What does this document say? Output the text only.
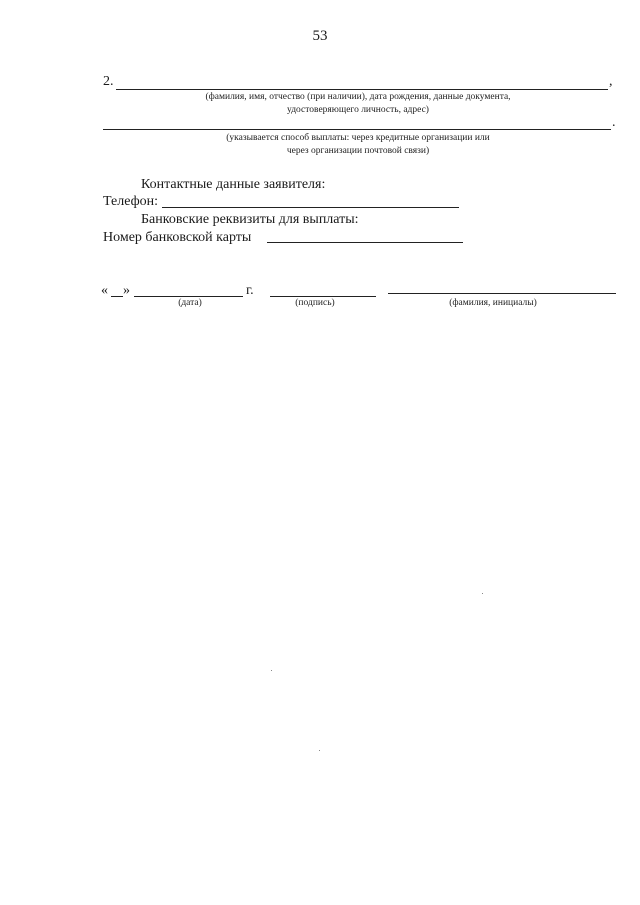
53
2.	,
(фамилия, имя, отчество (при наличии), дата рождения, данные документа,
удостоверяющего личность, адрес)
.
(указывается способ выплаты: через кредитные организации или
через организации почтовой связи)
Контактные данные заявителя:
Телефон:
Банковские реквизиты для выплаты:
Номер банковской карты
« »	г.
(дата)	(подпись)	(фамилия, инициалы)
